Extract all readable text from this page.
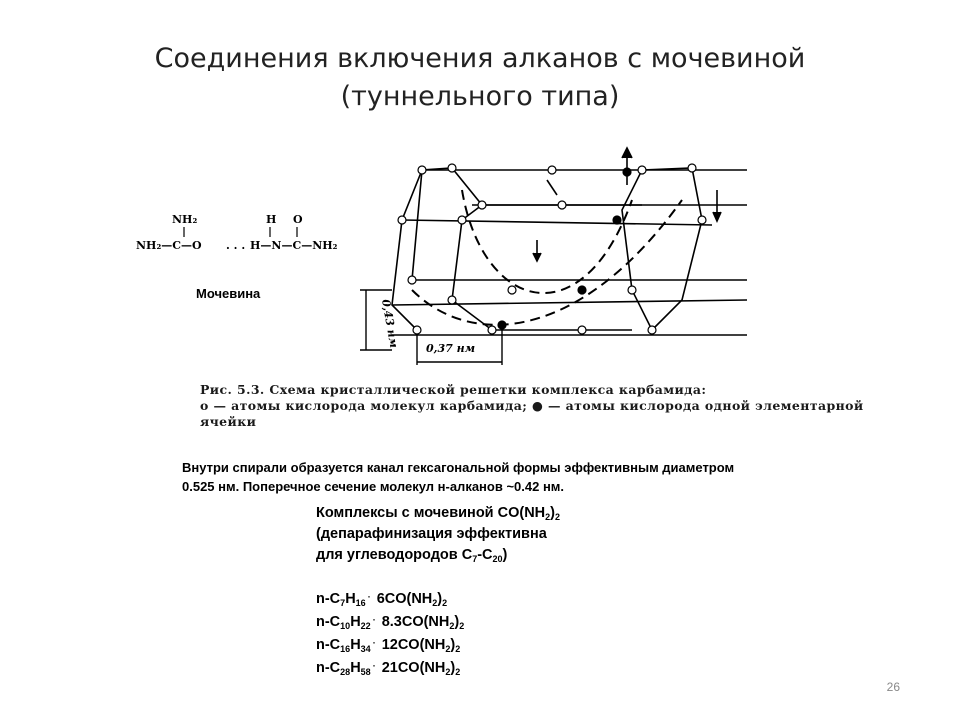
Соединения включения алканов с мочевиной
(туннельного типа)
NH₂
NH₂—C—O . . .
H O
H—N—C—NH₂
Мочевина
0,43 нм 0,37 нм
Рис. 5.3. Схема кристаллической решетки комплекса карбамида:
о — атомы кислорода молекул карбамида; ● — атомы кислорода одной элементарной
ячейки
Внутри спирали образуется канал гексагональной формы эффективным диаметром
0.525 нм. Поперечное сечение молекул н-алканов ~0.42 нм.
Комплексы с мочевиной $CO(NH_2)_2$
(депарафинизация эффективна
для углеводородов $C_7-C_{20}$)
$n-C_7H_{16}^\cdot$ $6CO(NH_2)_2$
$n-C_{10}H_{22}^\cdot$ $8.3CO(NH_2)_2$
$n-C_{16}H_{34}^\cdot$ $12CO(NH_2)_2$
$n-C_{28}H_{58}^\cdot$ $21CO(NH_2)_2$
26
